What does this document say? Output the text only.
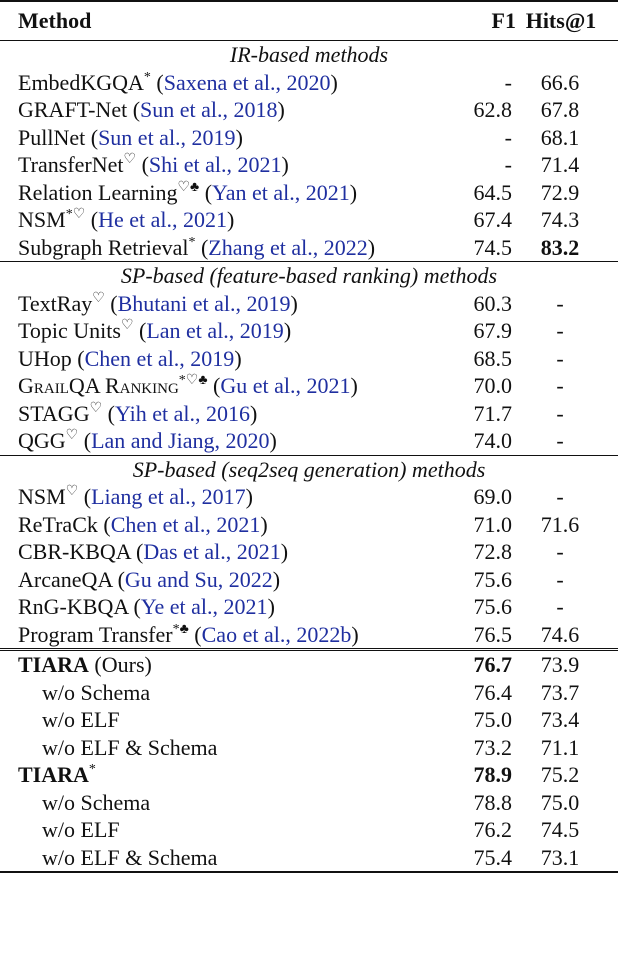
Method	F1	Hits@1
IR-based methods		
EmbedKGQA* (Saxena et al., 2020)	-	66.6
GRAFT-Net (Sun et al., 2018)	62.8	67.8
PullNet (Sun et al., 2019)	-	68.1
TransferNet♡ (Shi et al., 2021)	-	71.4
Relation Learning♡♣ (Yan et al., 2021)	64.5	72.9
NSM*♡ (He et al., 2021)	67.4	74.3
Subgraph Retrieval* (Zhang et al., 2022)	74.5	83.2
SP-based (feature-based ranking) methods		
TextRay♡ (Bhutani et al., 2019)	60.3	-
Topic Units♡ (Lan et al., 2019)	67.9	-
UHop (Chen et al., 2019)	68.5	-
GrailQA Ranking*♡♣ (Gu et al., 2021)	70.0	-
STAGG♡ (Yih et al., 2016)	71.7	-
QGG♡ (Lan and Jiang, 2020)	74.0	-
SP-based (seq2seq generation) methods		
NSM♡ (Liang et al., 2017)	69.0	-
ReTraCk (Chen et al., 2021)	71.0	71.6
CBR-KBQA (Das et al., 2021)	72.8	-
ArcaneQA (Gu and Su, 2022)	75.6	-
RnG-KBQA (Ye et al., 2021)	75.6	-
Program Transfer*♣ (Cao et al., 2022b)	76.5	74.6
TIARA (Ours)	76.7	73.9
w/o Schema	76.4	73.7
w/o ELF	75.0	73.4
w/o ELF & Schema	73.2	71.1
TIARA*	78.9	75.2
w/o Schema	78.8	75.0
w/o ELF	76.2	74.5
w/o ELF & Schema	75.4	73.1
